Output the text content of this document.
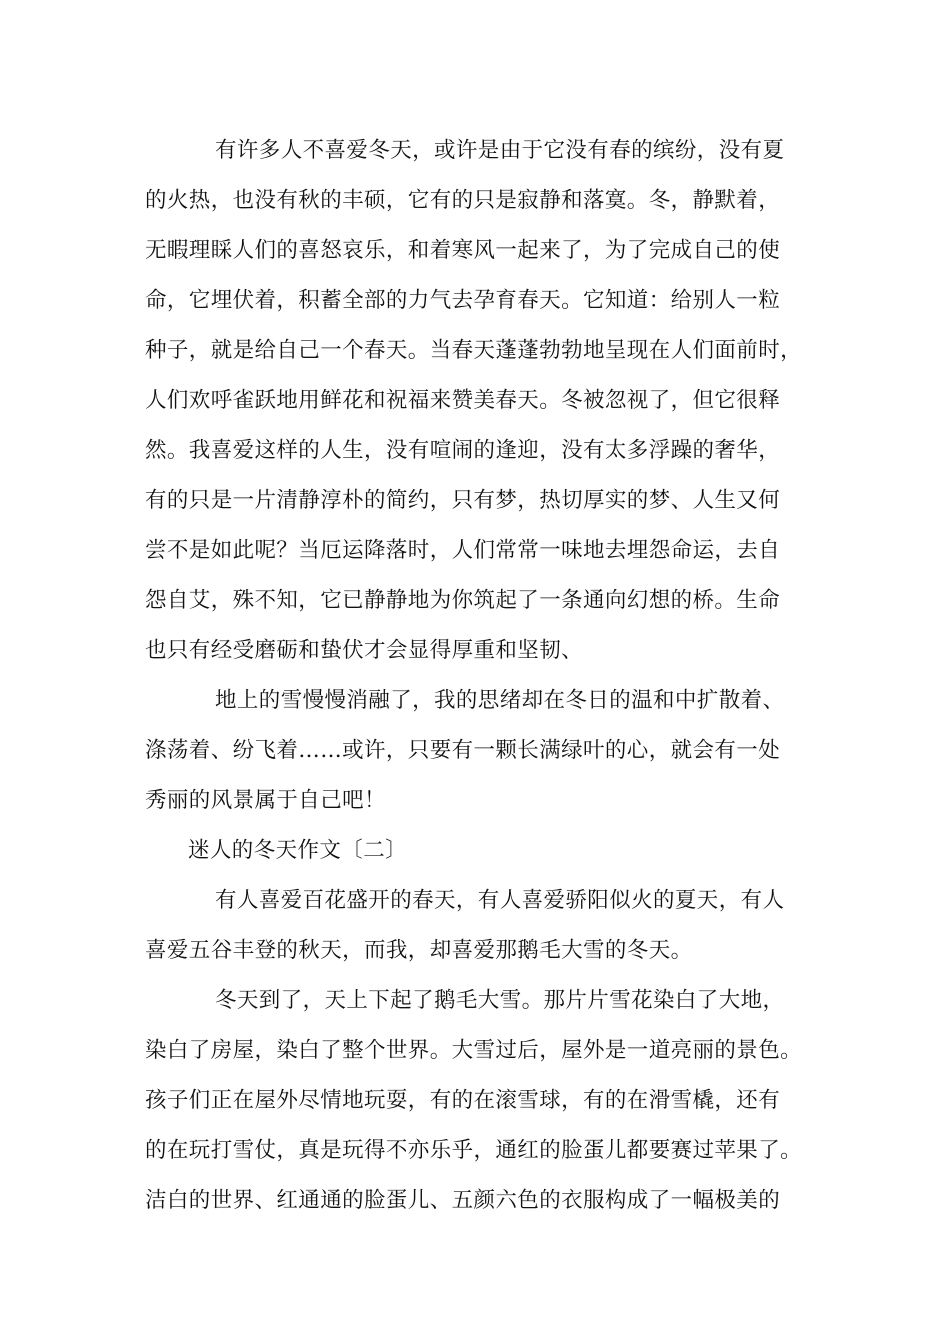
有许多人不喜爱冬天，或许是由于它没有春的缤纷，没有夏
的火热，也没有秋的丰硕，它有的只是寂静和落寞。冬，静默着，
无暇理睬人们的喜怒哀乐，和着寒风一起来了，为了完成自己的使
命，它埋伏着，积蓄全部的力气去孕育春天。它知道：给别人一粒
种子，就是给自己一个春天。当春天蓬蓬勃勃地呈现在人们面前时，
人们欢呼雀跃地用鲜花和祝福来赞美春天。冬被忽视了，但它很释
然。我喜爱这样的人生，没有喧闹的逢迎，没有太多浮躁的奢华，
有的只是一片清静淳朴的简约，只有梦，热切厚实的梦、人生又何
尝不是如此呢？当厄运降落时，人们常常一味地去埋怨命运，去自
怨自艾，殊不知，它已静静地为你筑起了一条通向幻想的桥。生命
也只有经受磨砺和蛰伏才会显得厚重和坚韧、
地上的雪慢慢消融了，我的思绪却在冬日的温和中扩散着、
涤荡着、纷飞着……或许，只要有一颗长满绿叶的心，就会有一处
秀丽的风景属于自己吧！
迷人的冬天作文〔二〕
有人喜爱百花盛开的春天，有人喜爱骄阳似火的夏天，有人
喜爱五谷丰登的秋天，而我，却喜爱那鹅毛大雪的冬天。
冬天到了，天上下起了鹅毛大雪。那片片雪花染白了大地，
染白了房屋，染白了整个世界。大雪过后，屋外是一道亮丽的景色。
孩子们正在屋外尽情地玩耍，有的在滚雪球，有的在滑雪橇，还有
的在玩打雪仗，真是玩得不亦乐乎，通红的脸蛋儿都要赛过苹果了。
洁白的世界、红通通的脸蛋儿、五颜六色的衣服构成了一幅极美的
